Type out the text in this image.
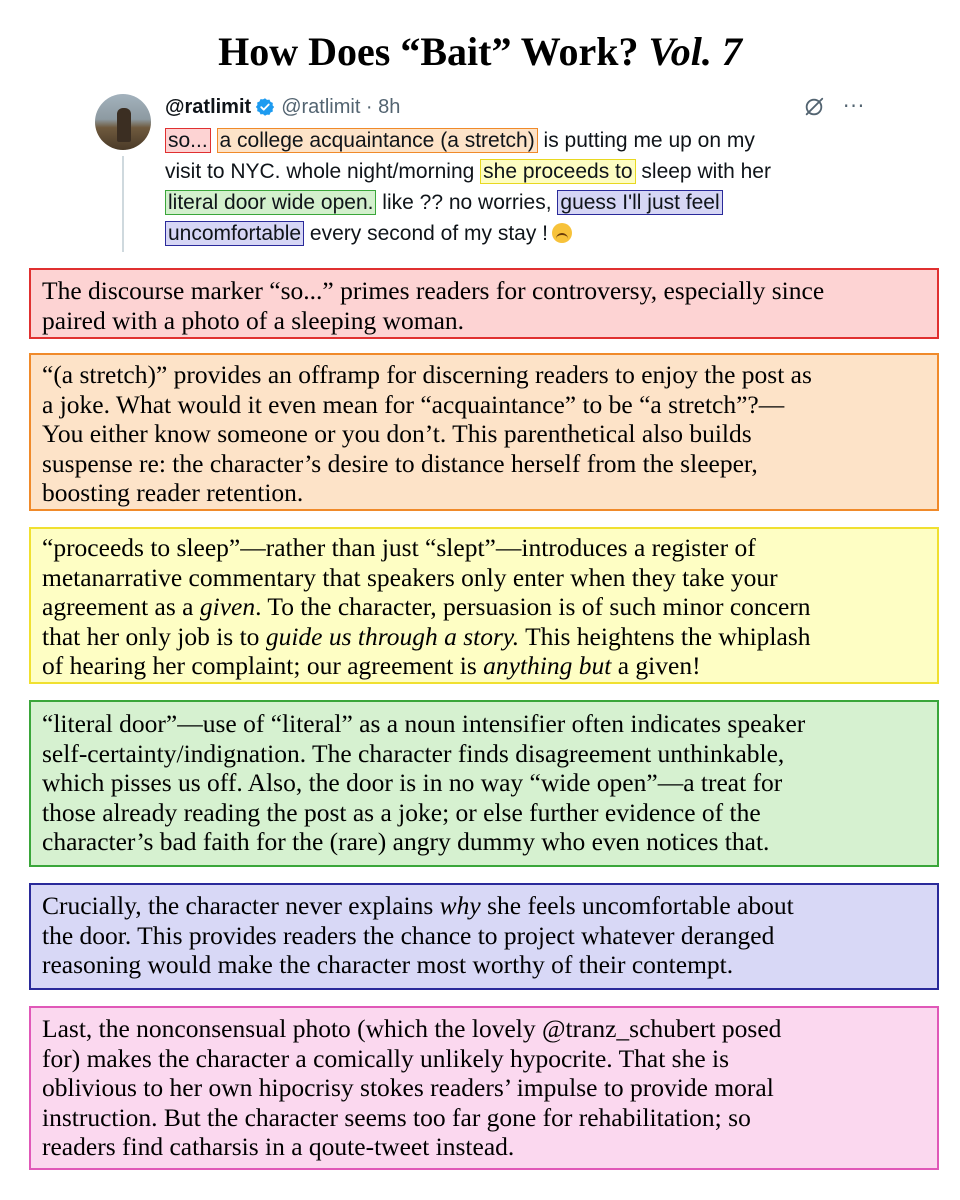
How Does “Bait” Work? Vol. 7
@ratlimit @ratlimit · 8h	···
so... a college acquaintance (a stretch) is putting me up on my
visit to NYC. whole night/morning she proceeds to sleep with her
literal door wide open. like ?? no worries, guess I'll just feel
uncomfortable every second of my stay !
The discourse marker “so...” primes readers for controversy, especially since
paired with a photo of a sleeping woman.
“(a stretch)” provides an offramp for discerning readers to enjoy the post as
a joke. What would it even mean for “acquaintance” to be “a stretch”?—
You either know someone or you don’t. This parenthetical also builds
suspense re: the character’s desire to distance herself from the sleeper,
boosting reader retention.
“proceeds to sleep”—rather than just “slept”—introduces a register of
metanarrative commentary that speakers only enter when they take your
agreement as a given. To the character, persuasion is of such minor concern
that her only job is to guide us through a story. This heightens the whiplash
of hearing her complaint; our agreement is anything but a given!
“literal door”—use of “literal” as a noun intensifier often indicates speaker
self-certainty/indignation. The character finds disagreement unthinkable,
which pisses us off. Also, the door is in no way “wide open”—a treat for
those already reading the post as a joke; or else further evidence of the
character’s bad faith for the (rare) angry dummy who even notices that.
Crucially, the character never explains why she feels uncomfortable about
the door. This provides readers the chance to project whatever deranged
reasoning would make the character most worthy of their contempt.
Last, the nonconsensual photo (which the lovely @tranz_schubert posed
for) makes the character a comically unlikely hypocrite. That she is
oblivious to her own hipocrisy stokes readers’ impulse to provide moral
instruction. But the character seems too far gone for rehabilitation; so
readers find catharsis in a qoute-tweet instead.
